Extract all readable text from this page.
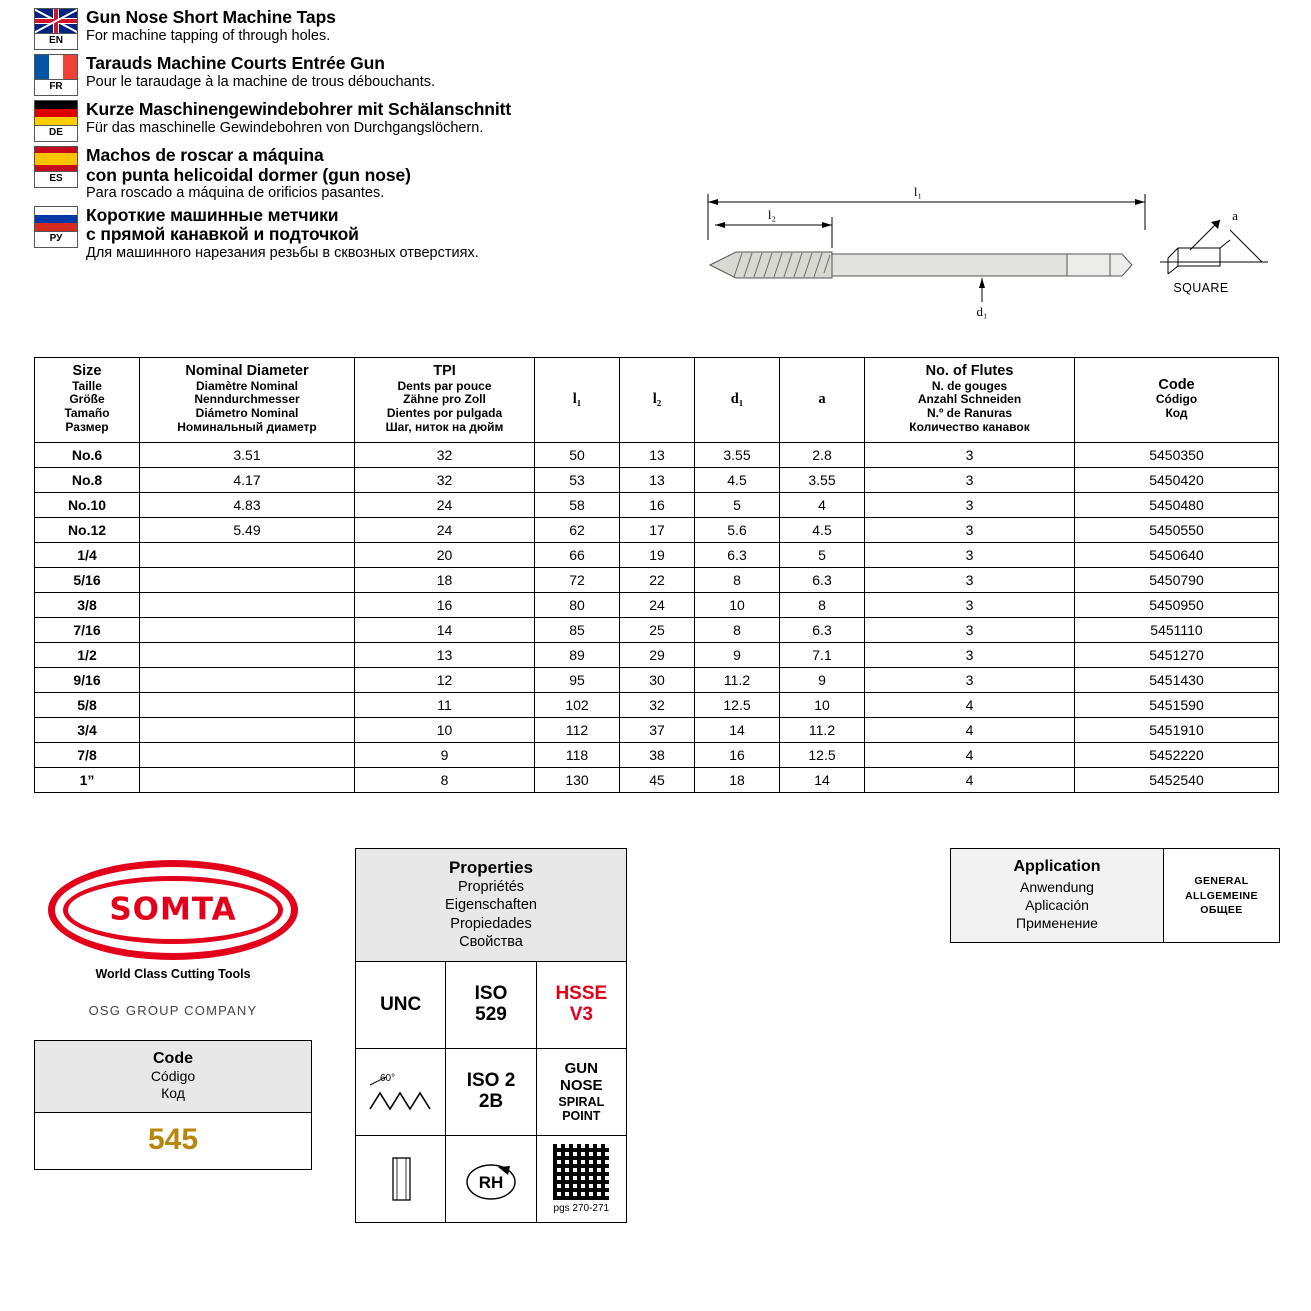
EN
Gun Nose Short Machine Taps
For machine tapping of through holes.
FR
Tarauds Machine Courts Entrée Gun
Pour le taraudage à la machine de trous débouchants.
DE
Kurze Maschinengewindebohrer mit Schälanschnitt
Für das maschinelle Gewindebohren von Durchgangslöchern.
ES
Machos de roscar a máquina
con punta helicoidal dormer (gun nose)
Para roscado a máquina de orificios pasantes.
РУ
Короткие машинные метчики
с прямой канавкой и подточкой
Для машинного нарезания резьбы в сквозных отверстиях.
l₁
l₂
d₁
a
SQUARE
Size
Taille
Größe
Tamaño
Размер

Nominal Diameter
Diamètre Nominal
Nenndurchmesser
Diámetro Nominal
Номинальный диаметр

TPI
Dents par pouce
Zähne pro Zoll
Dientes por pulgada
Шаг, ниток на дюйм

l₁	l₂	d₁	a

No. of Flutes
N. de gouges
Anzahl Schneiden
N.º de Ranuras
Количество канавок

Code
Código
Код

No.6	3.51	32	50	13	3.55	2.8	3	5450350
No.8	4.17	32	53	13	4.5	3.55	3	5450420
No.10	4.83	24	58	16	5	4	3	5450480
No.12	5.49	24	62	17	5.6	4.5	3	5450550
1/4		20	66	19	6.3	5	3	5450640
5/16		18	72	22	8	6.3	3	5450790
3/8		16	80	24	10	8	3	5450950
7/16		14	85	25	8	6.3	3	5451110
1/2		13	89	29	9	7.1	3	5451270
9/16		12	95	30	11.2	9	3	5451430
5/8		11	102	32	12.5	10	4	5451590
3/4		10	112	37	14	11.2	4	5451910
7/8		9	118	38	16	12.5	4	5452220
1”		8	130	45	18	14	4	5452540
SOMTA
World Class Cutting Tools
OSG GROUP COMPANY
Code
Código
Код
545
Properties
Propriétés
Eigenschaften
Propiedades
Свойства
UNC
ISO
529
HSSE
V3
60°	ISO 2
2B
GUN
NOSE
SPIRAL
POINT
RH
pgs 270-271
Application
Anwendung
Aplicación
Применение
GENERAL
ALLGEMEINE
ОБЩЕЕ
